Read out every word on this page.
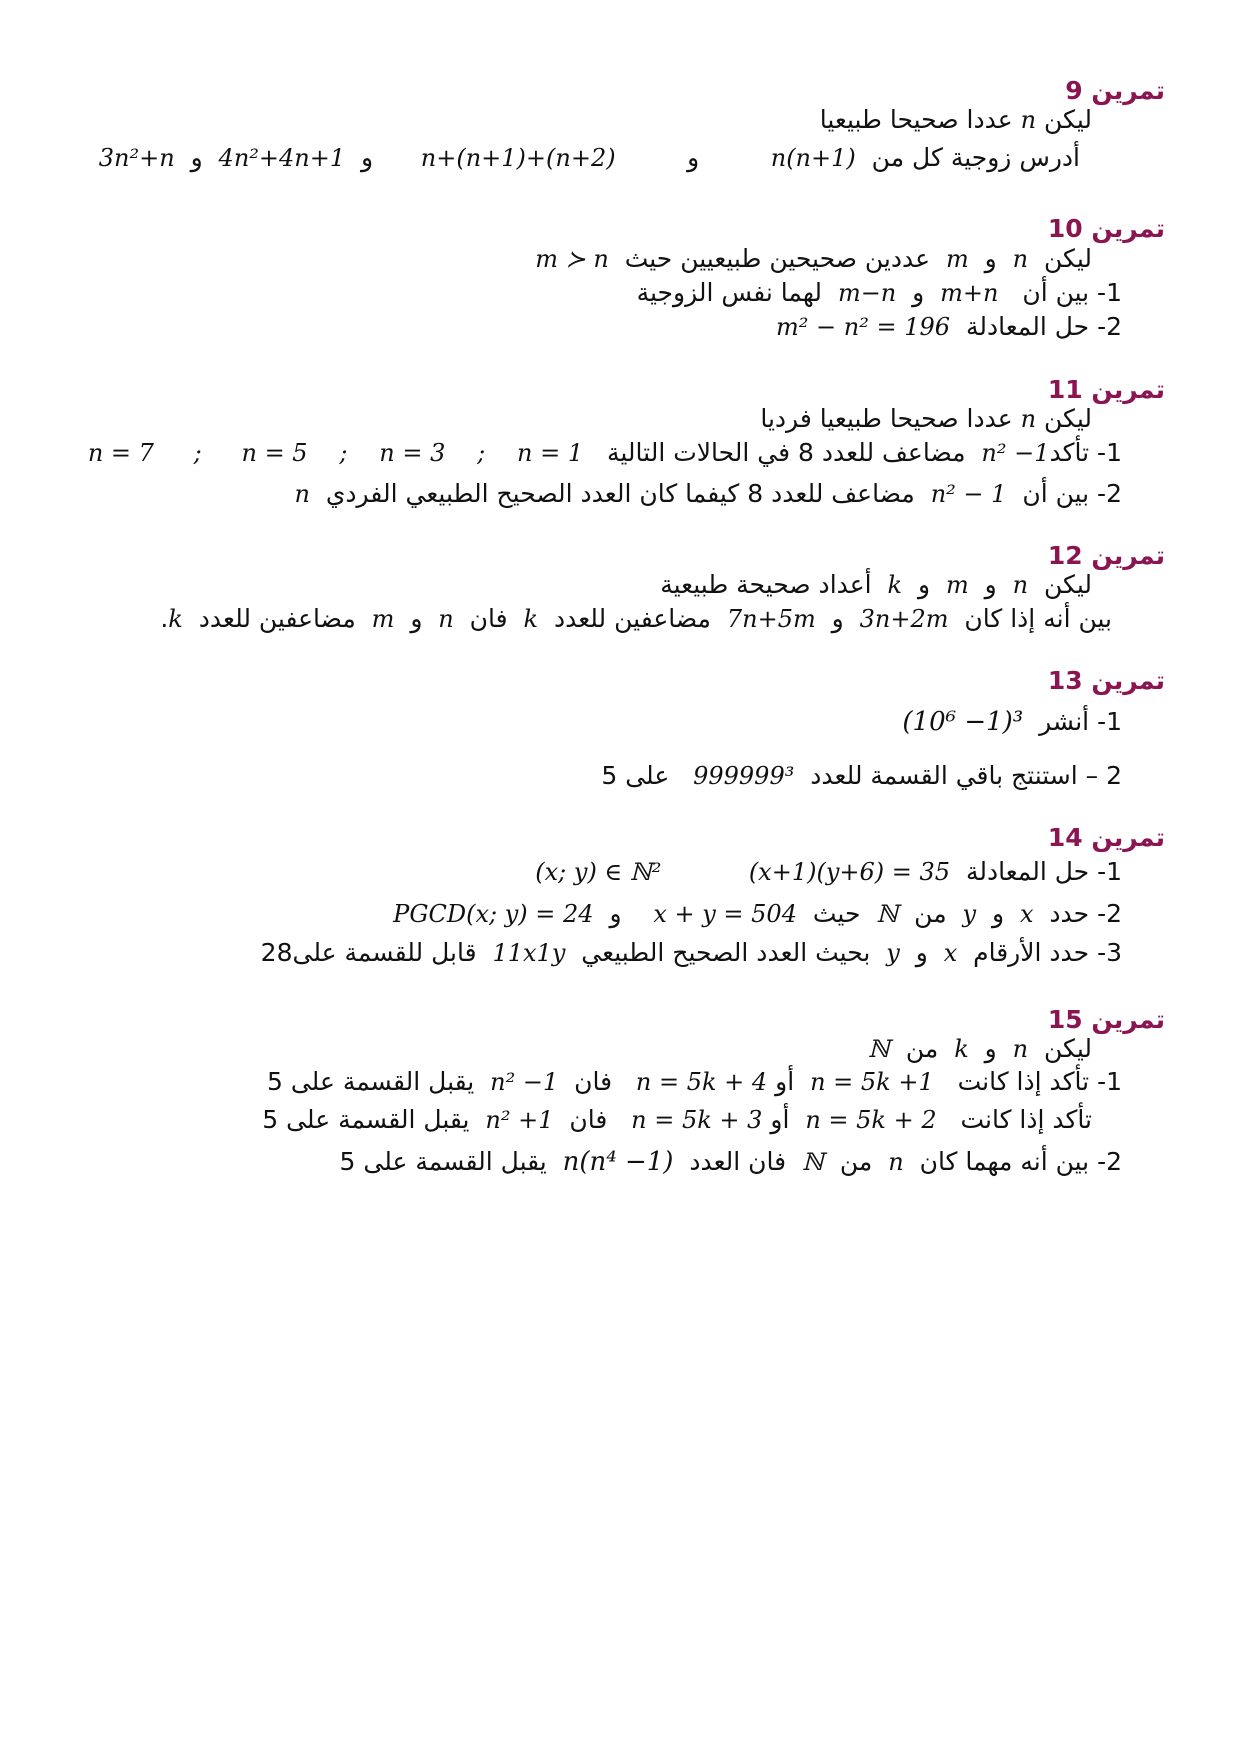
تمرين 9
ليكن n عددا صحيحا طبيعيا
أدرس زوجية كل من  n(n+1)         و         n+(n+1)+(n+2)      و  4n²+4n+1  و  3n²+n
تمرين 10
ليكن  n  و  m  عددين صحيحين طبيعيين حيث  m ≻ n
1- بين أن   m+n  و  m−n  لهما نفس الزوجية
2- حل المعادلة  m² − n² = 196
تمرين 11
ليكن n عددا صحيحا طبيعيا فرديا
1- تأكدn² −1  مضاعف للعدد 8 في الحالات التالية   n = 1    ;    n = 3    ;    n = 5     ;     n = 7
2- بين أن  n² − 1  مضاعف للعدد 8 كيفما كان العدد الصحيح الطبيعي الفردي  n
تمرين 12
ليكن  n  و  m  و  k  أعداد صحيحة طبيعية
بين أنه إذا كان  3n+2m  و  7n+5m  مضاعفين للعدد  k  فان  n  و  m  مضاعفين للعدد  k.
تمرين 13
1- أنشر  (10⁶ −1)³
2 – استنتج باقي القسمة للعدد  999999³   على 5
تمرين 14
1- حل المعادلة  (x+1)(y+6) = 35           (x; y) ∈ ℕ²
2- حدد  x  و  y  من  ℕ  حيث  x + y = 504    و  PGCD(x; y) = 24
3- حدد الأرقام  x  و  y  بحيث العدد الصحيح الطبيعي  11x1y  قابل للقسمة على28
تمرين 15
ليكن  n  و  k  من  ℕ
1- تأكد إذا كانت   n = 5k +1  أو n = 5k + 4   فان  n² −1  يقبل القسمة على 5
تأكد إذا كانت   n = 5k + 2  أو n = 5k + 3   فان  n² +1  يقبل القسمة على 5
2- بين أنه مهما كان  n  من  ℕ  فان العدد  n(n⁴ −1)  يقبل القسمة على 5
